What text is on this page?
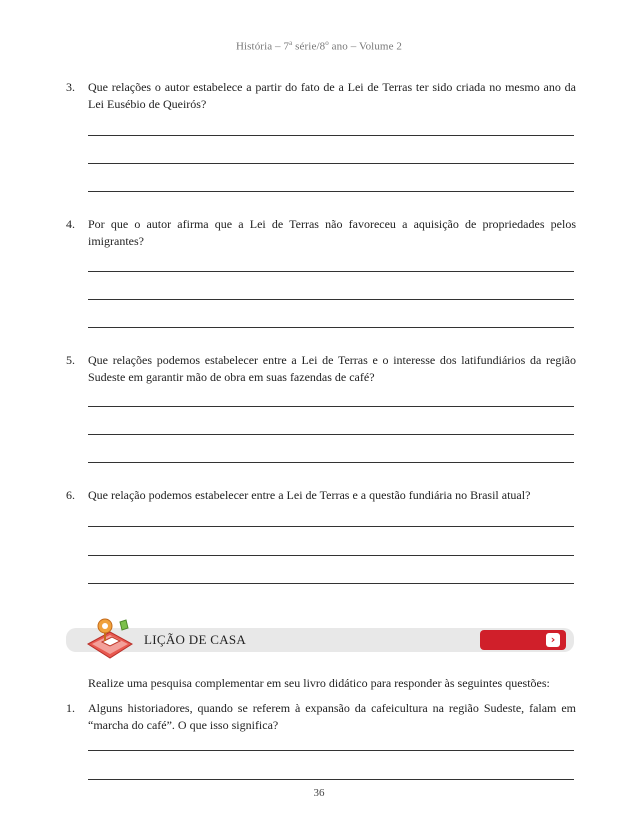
História – 7$^a$ série/8$^o$ ano – Volume 2
3. Que relações o autor estabelece a partir do fato de a Lei de Terras ter sido criada no mesmo ano da Lei Eusébio de Queirós?
4. Por que o autor afirma que a Lei de Terras não favoreceu a aquisição de propriedades pelos imigrantes?
5. Que relações podemos estabelecer entre a Lei de Terras e o interesse dos latifundiários da região Sudeste em garantir mão de obra em suas fazendas de café?
6. Que relação podemos estabelecer entre a Lei de Terras e a questão fundiária no Brasil atual?
LIÇÃO DE CASA	›
Realize uma pesquisa complementar em seu livro didático para responder às seguintes questões:
1. Alguns historiadores, quando se referem à expansão da cafeicultura na região Sudeste, falam em “marcha do café”. O que isso significa?
36
